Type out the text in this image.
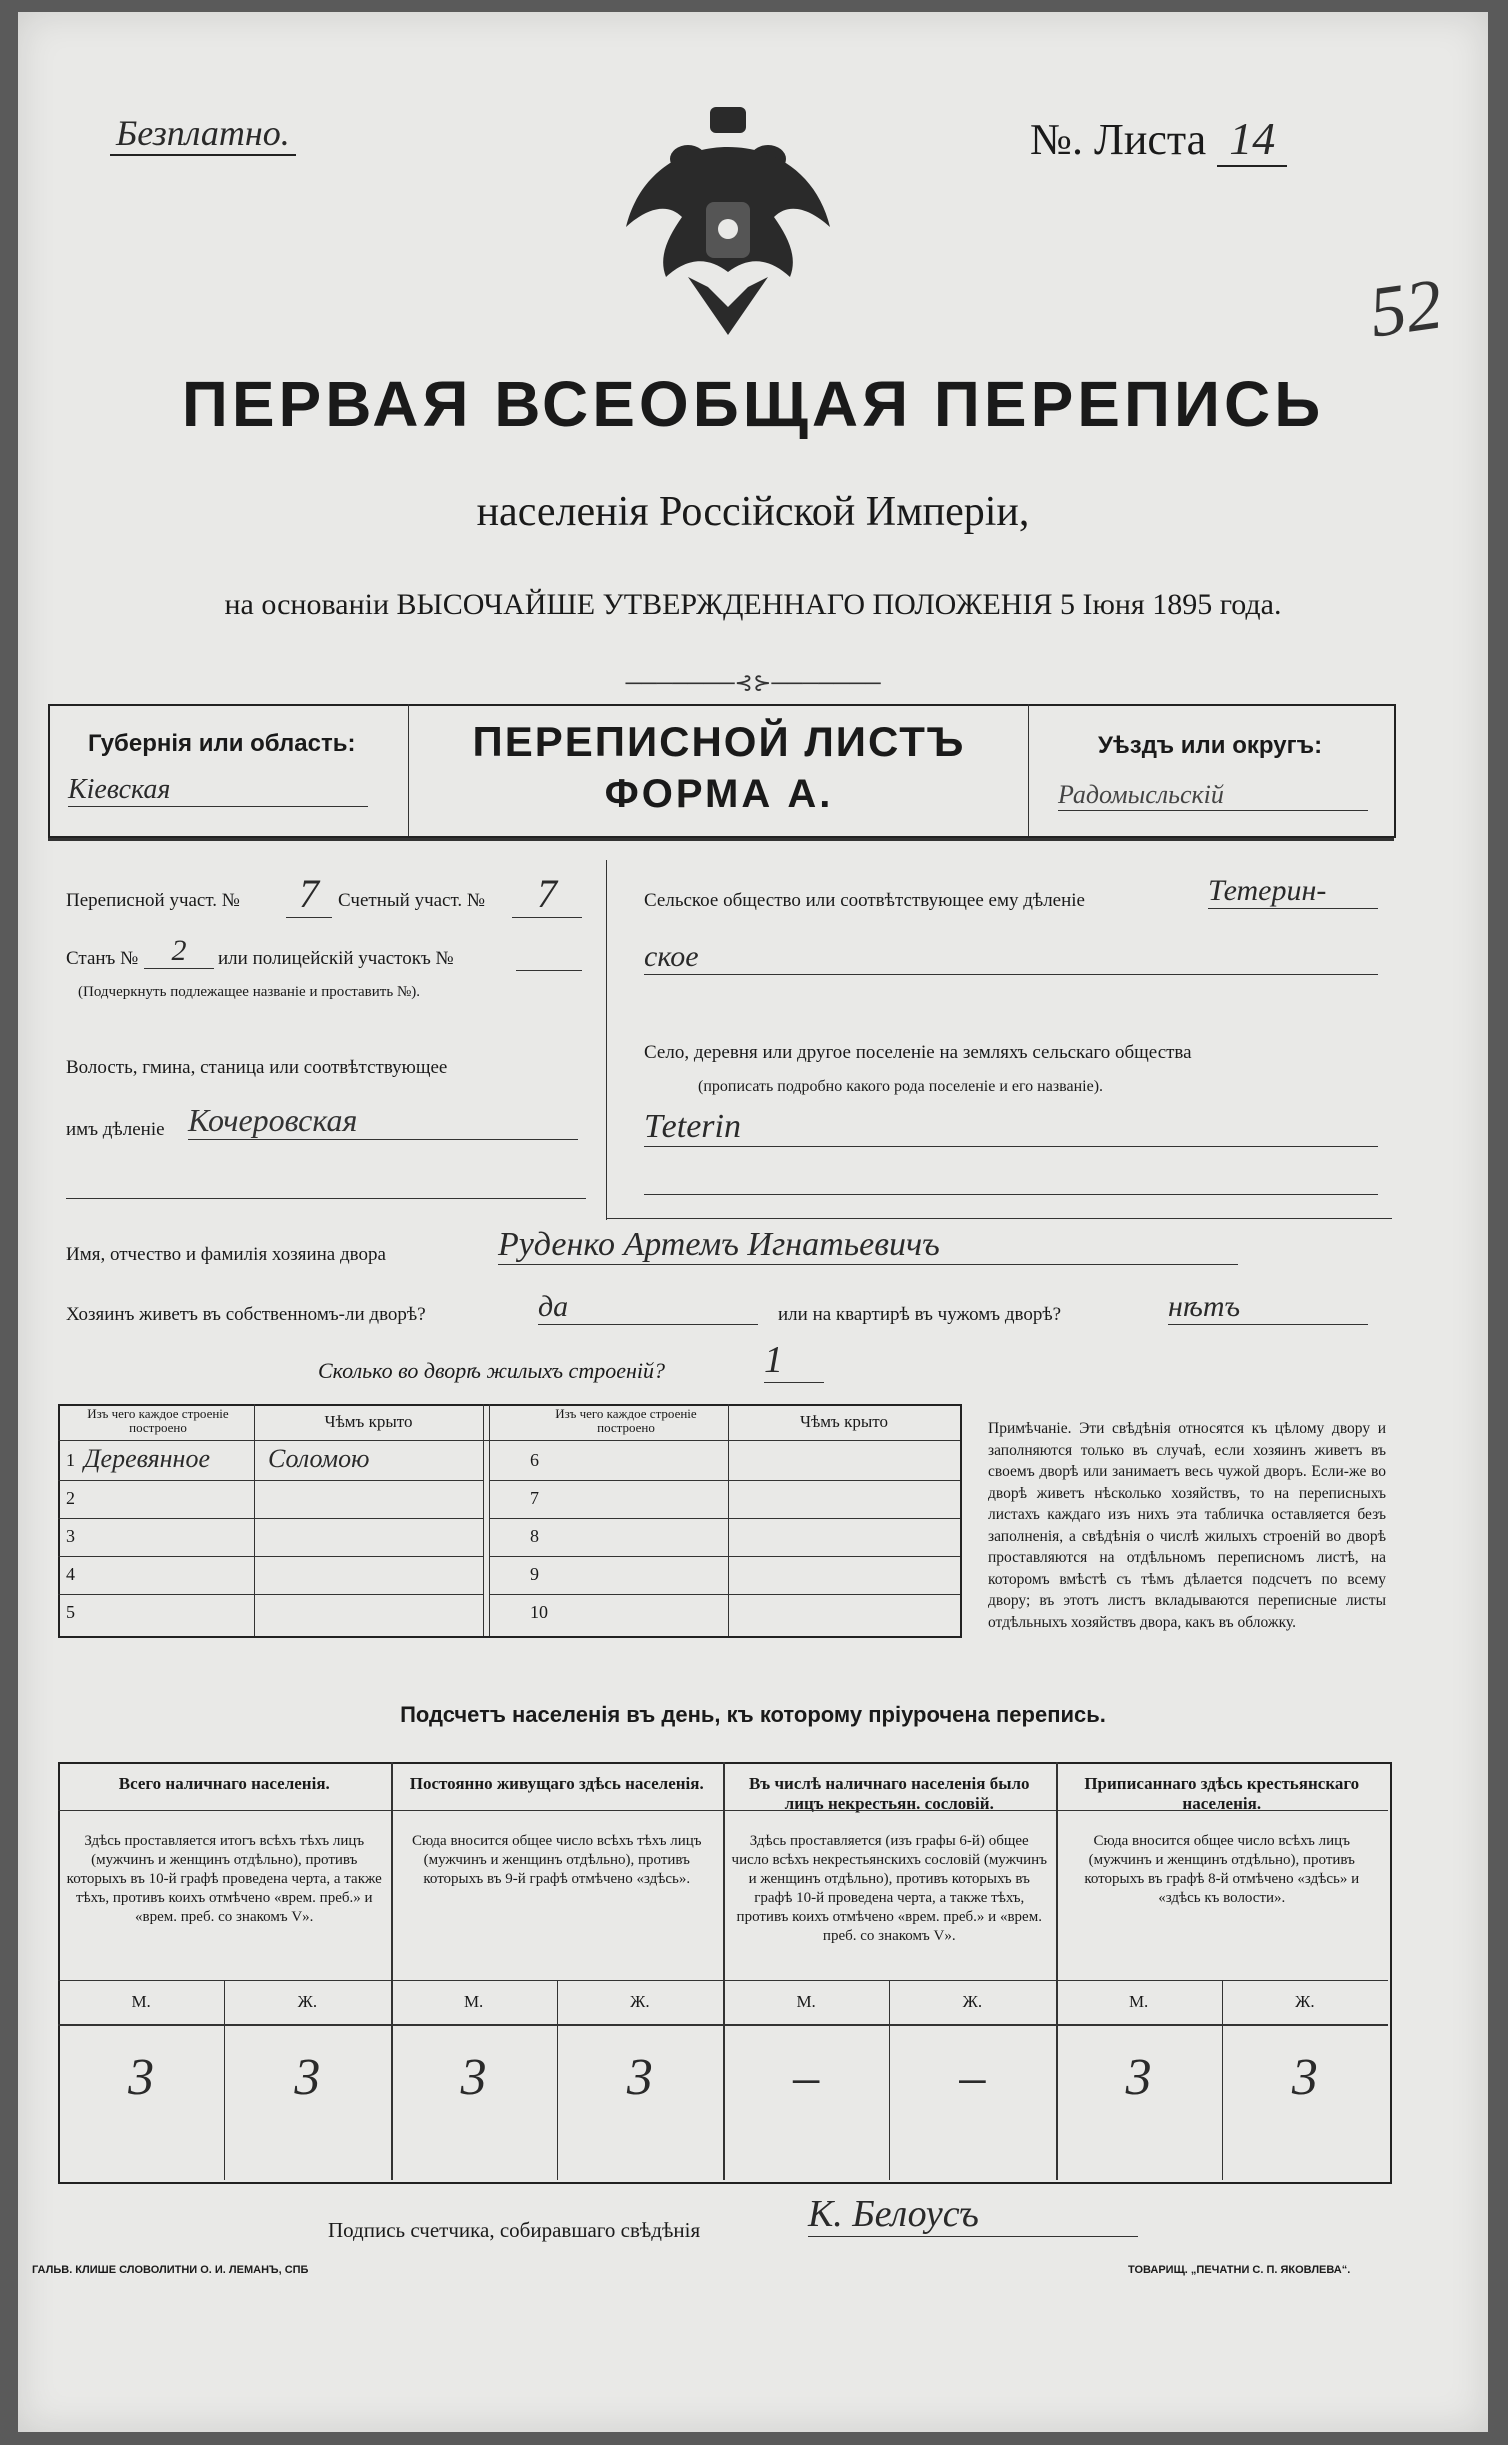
Безплатно.	№. Листа 14
52
ПЕРВАЯ ВСЕОБЩАЯ ПЕРЕПИСЬ
населенія Россійской Имперіи,
на основаніи ВЫСОЧАЙШЕ УТВЕРЖДЕННАГО ПОЛОЖЕНІЯ 5 Іюня 1895 года.
───────⊰⊱───────
Губернія или область:
Кіевская
ПЕРЕПИСНОЙ ЛИСТЪ
ФОРМА А.
Уѣздъ или округъ:
Радомысльскій
Переписной участ. №	7	Счетный участ. №	7
Станъ №	2	или полицейскій участокъ №
(Подчеркнуть подлежащее названіе и проставить №).
Волость, гмина, станица или соотвѣтствующее
имъ дѣленіе Кочеровская
Сельское общество или соотвѣтствующее ему дѣленіе	Тетерин-
ское
Село, деревня или другое поселеніе на земляхъ сельскаго общества
(прописать подробно какого рода поселеніе и его названіе).
Теterin
Имя, отчество и фамилія хозяина двора	Руденко Артемъ Игнатьевичъ
Хозяинъ живетъ въ собственномъ-ли дворѣ?	да	или на квартирѣ въ чужомъ дворѣ?	нѣтъ
Сколько во дворѣ жилыхъ строеній?	1
Изъ чего каждое строеніе построено	Чѣмъ крыто	Изъ чего каждое строеніе построено	Чѣмъ крыто
1 Деревянное Соломою
2
3
4
5
6
7
8
9
10
Примѣчаніе. Эти свѣдѣнія относятся къ цѣлому двору и заполняются только въ случаѣ, если хозяинъ живетъ въ своемъ дворѣ или занимаетъ весь чужой дворъ. Если-же во дворѣ живетъ нѣсколько хозяйствъ, то на переписныхъ листахъ каждаго изъ нихъ эта табличка оставляется безъ заполненія, а свѣдѣнія о числѣ жилыхъ строеній во дворѣ проставляются на отдѣльномъ переписномъ листѣ, на которомъ вмѣстѣ съ тѣмъ дѣлается подсчетъ по всему двору; въ этотъ листъ вкладываются переписные листы отдѣльныхъ хозяйствъ двора, какъ въ обложку.
Подсчетъ населенія въ день, къ которому пріурочена перепись.
Всего наличнаго населенія.
Здѣсь проставляется итогъ всѣхъ тѣхъ лицъ (мужчинъ и женщинъ отдѣльно), противъ которыхъ въ 10-й графѣ проведена черта, а также тѣхъ, противъ коихъ отмѣчено «врем. преб.» и «врем. преб. со знакомъ V».
М.	Ж.
3	3
Постоянно живущаго здѣсь населенія.
Сюда вносится общее число всѣхъ тѣхъ лицъ (мужчинъ и женщинъ отдѣльно), противъ которыхъ въ 9-й графѣ отмѣчено «здѣсь».
М.	Ж.
3	3
Въ числѣ наличнаго населенія было лицъ некрестьян. сословій.
Здѣсь проставляется (изъ графы 6-й) общее число всѣхъ некрестьянскихъ сословій (мужчинъ и женщинъ отдѣльно), противъ которыхъ въ графѣ 10-й проведена черта, а также тѣхъ, противъ коихъ отмѣчено «врем. преб.» и «врем. преб. со знакомъ V».
М.	Ж.
–	–
Приписаннаго здѣсь крестьянскаго населенія.
Сюда вносится общее число всѣхъ лицъ (мужчинъ и женщинъ отдѣльно), противъ которыхъ въ графѣ 8-й отмѣчено «здѣсь» и «здѣсь къ волости».
М.	Ж.
3	3
Подпись счетчика, собиравшаго свѣдѣнія	К. Белоусъ
ГАЛЬВ. КЛИШЕ СЛОВОЛИТНИ О. И. ЛЕМАНЪ, СПБ	ТОВАРИЩ. „ПЕЧАТНИ С. П. ЯКОВЛЕВА“.
